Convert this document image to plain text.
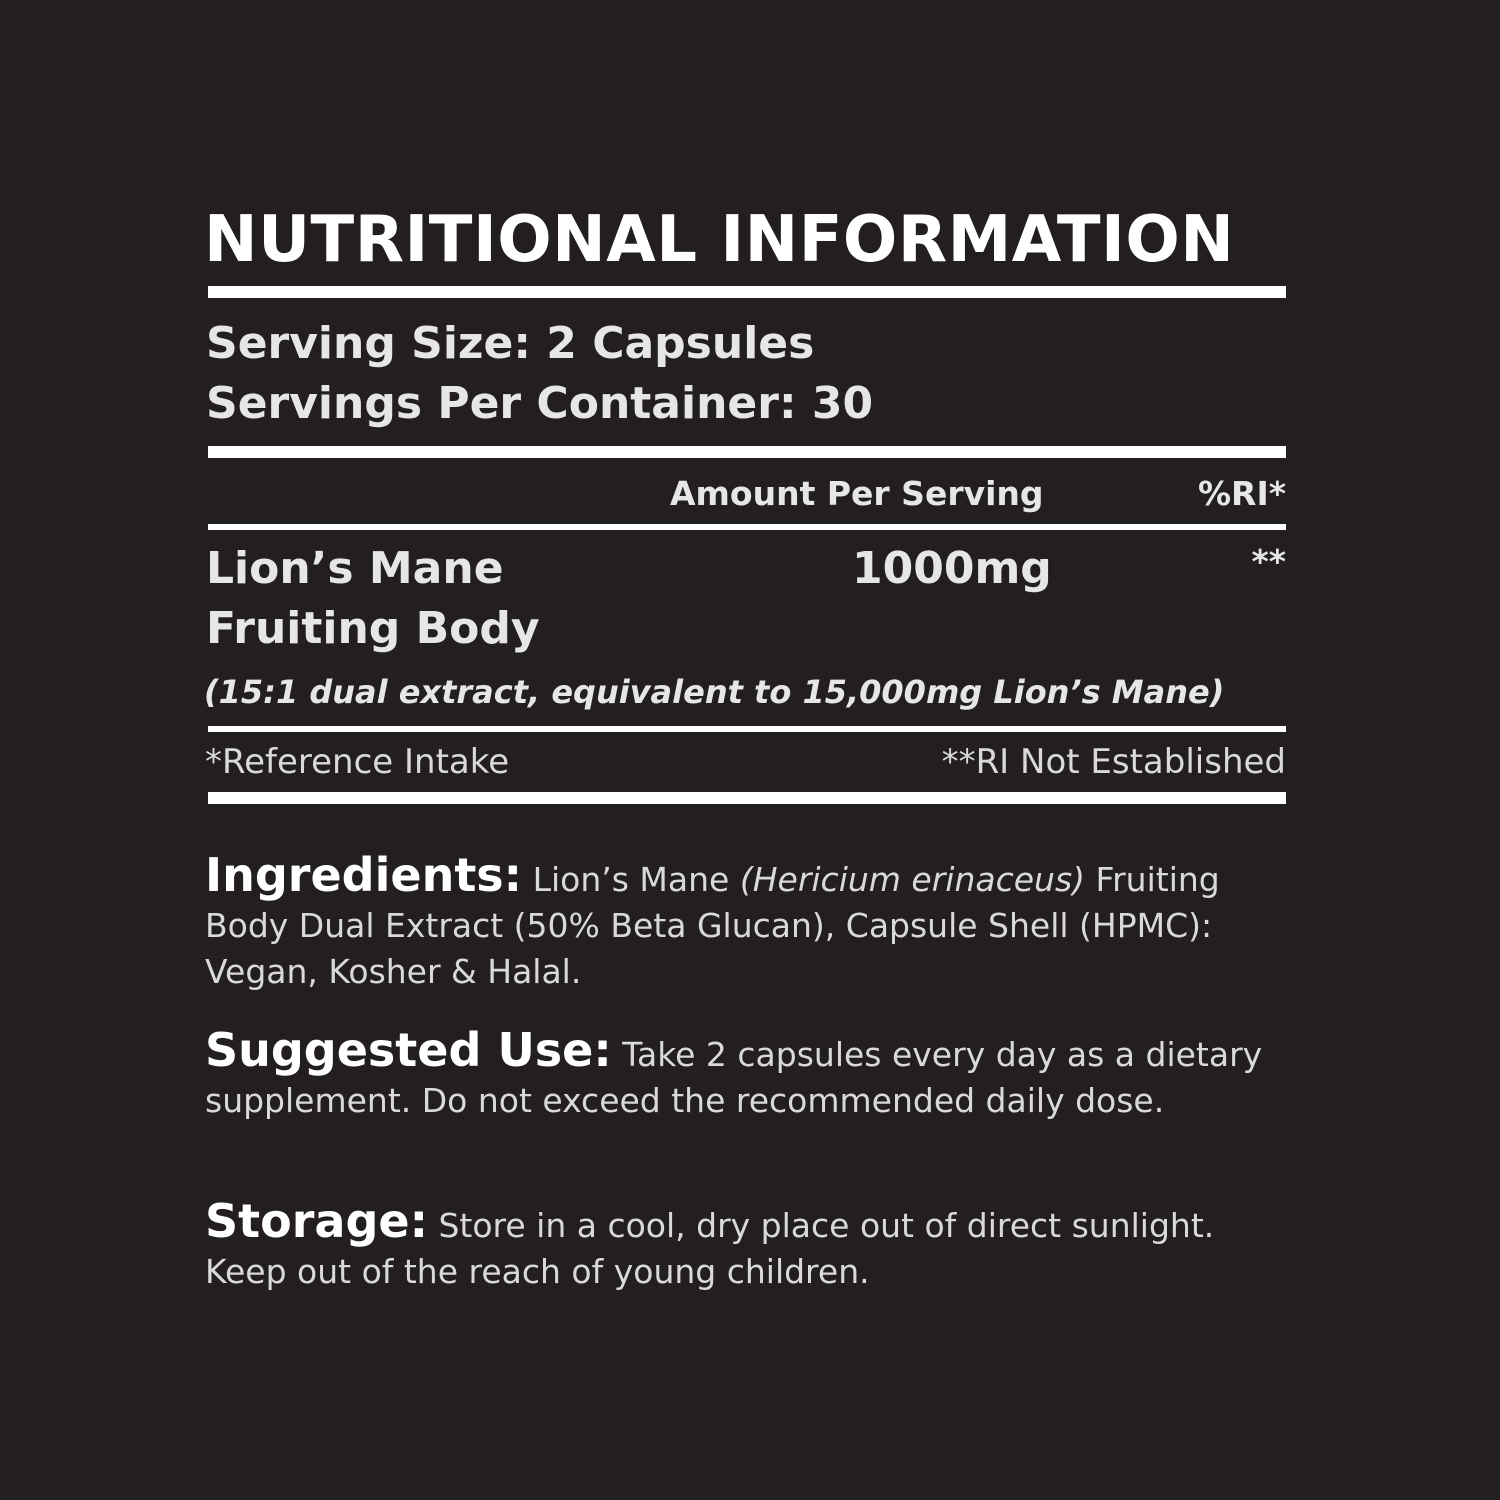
NUTRITIONAL INFORMATION
Serving Size: 2 Capsules
Servings Per Container: 30
Amount Per Serving	%RI*
Lion’s Mane
Fruiting Body
1000mg	**
(15:1 dual extract, equivalent to 15,000mg Lion’s Mane)
*Reference Intake	**RI Not Established
Ingredients: Lion’s Mane (Hericium erinaceus) Fruiting Body Dual Extract (50% Beta Glucan), Capsule Shell (HPMC): Vegan, Kosher & Halal.
Suggested Use: Take 2 capsules every day as a dietary supplement. Do not exceed the recommended daily dose.
Storage: Store in a cool, dry place out of direct sunlight. Keep out of the reach of young children.
